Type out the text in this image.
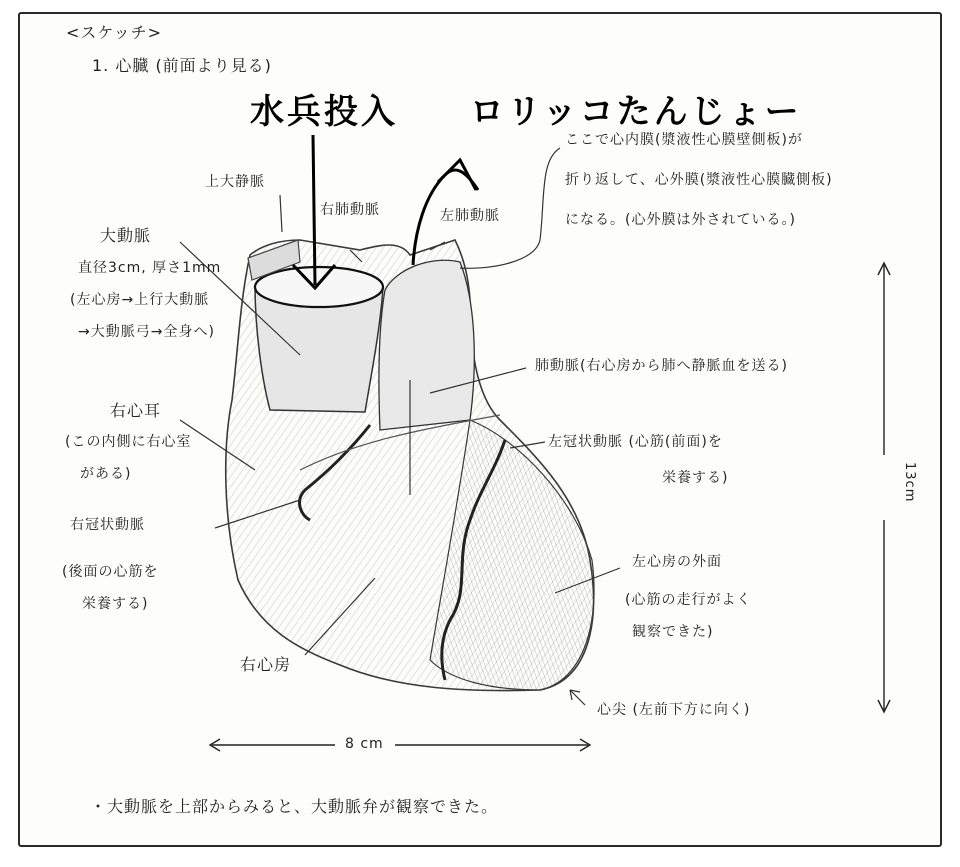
<スケッチ>
1. 心臓 (前面より見る)
水兵投入 ロリッコたんじょー
上大静脈
右肺動脈	左肺動脈
ここで心内膜(漿液性心膜壁側板)が
折り返して、心外膜(漿液性心膜臓側板)
になる。(心外膜は外されている。)
大動脈
直径3cm, 厚さ1mm
(左心房→上行大動脈
→大動脈弓→全身へ)
肺動脈(右心房から肺へ静脈血を送る)
右心耳
(この内側に右心室
がある)
左冠状動脈 (心筋(前面)を
栄養する)
右冠状動脈
(後面の心筋を
栄養する)
左心房の外面
(心筋の走行がよく
観察できた)
右心房
心尖 (左前下方に向く)
8 cm
13cm
・大動脈を上部からみると、大動脈弁が観察できた。
